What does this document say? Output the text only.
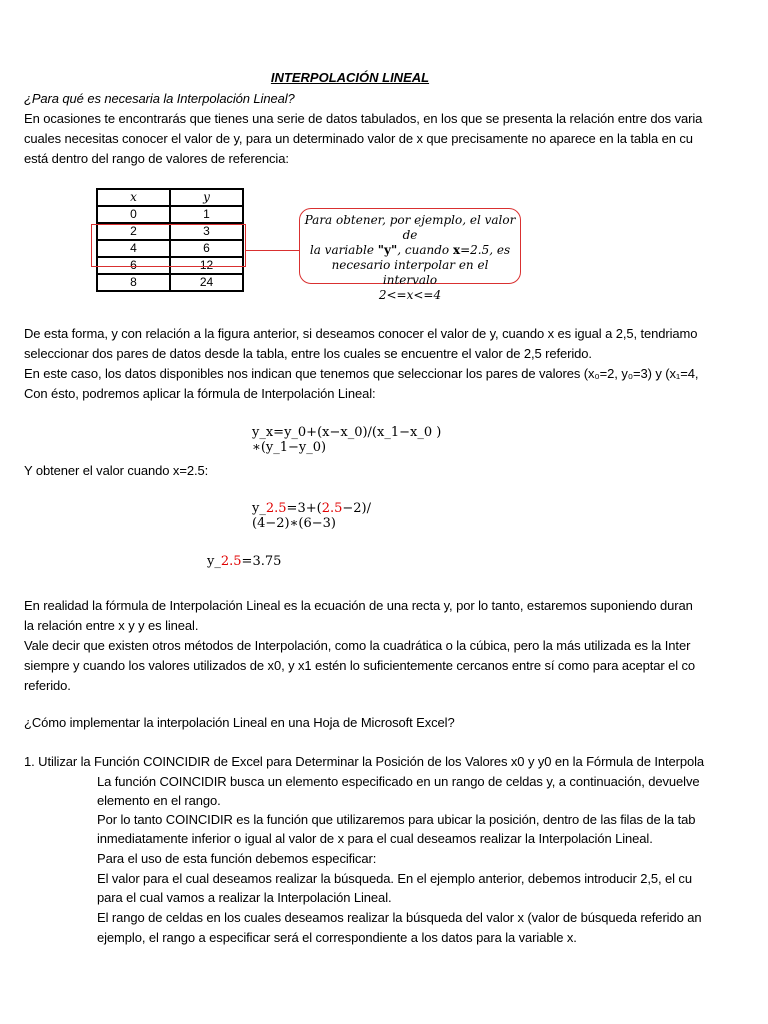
INTERPOLACIÓN LINEAL
¿Para qué es necesaria la Interpolación Lineal?
En ocasiones te encontrarás que tienes una serie de datos tabulados, en los que se presenta la relación entre dos varia
cuales necesitas conocer el valor de y, para un determinado valor de x que precisamente no aparece en la tabla en cu
está dentro del rango de valores de referencia:
x	y
0	1
2	3
4	6
6	12
8	24
Para obtener, por ejemplo, el valor de
la variable "y", cuando x=2.5, es
necesario interpolar en el intervalo
2<=x<=4
De esta forma, y con relación a la figura anterior, si deseamos conocer el valor de y, cuando x es igual a 2,5, tendriamo
seleccionar dos pares de datos desde la tabla, entre los cuales se encuentre el valor de 2,5 referido.
En este caso, los datos disponibles nos indican que tenemos que seleccionar los pares de valores (x₀=2, y₀=3) y (x₁=4,
Con ésto, podremos aplicar la fórmula de Interpolación Lineal:
y_x=y_0+(x−x_0)/(x_1−x_0 )
∗(y_1−y_0)
Y obtener el valor cuando x=2.5:
y_2.5=3+(2.5−2)/
(4−2)∗(6−3)
y_2.5=3.75
En realidad la fórmula de Interpolación Lineal es la ecuación de una recta y, por lo tanto, estaremos suponiendo duran
la relación entre x y y es lineal.
Vale decir que existen otros métodos de Interpolación, como la cuadrática o la cúbica, pero la más utilizada es la Inter
siempre y cuando los valores utilizados de x0, y x1 estén lo suficientemente cercanos entre sí como para aceptar el co
referido.
¿Cómo implementar la interpolación Lineal en una Hoja de Microsoft Excel?
1. Utilizar la Función COINCIDIR de Excel para Determinar la Posición de los Valores x0 y y0 en la Fórmula de Interpola
La función COINCIDIR busca un elemento especificado en un rango de celdas y, a continuación, devuelve
elemento en el rango.
Por lo tanto COINCIDIR es la función que utilizaremos para ubicar la posición, dentro de las filas de la tab
inmediatamente inferior o igual al valor de x para el cual deseamos realizar la Interpolación Lineal.
Para el uso de esta función debemos especificar:
El valor para el cual deseamos realizar la búsqueda. En el ejemplo anterior, debemos introducir 2,5, el cu
para el cual vamos a realizar la Interpolación Lineal.
El rango de celdas en los cuales deseamos realizar la búsqueda del valor x (valor de búsqueda referido an
ejemplo, el rango a especificar será el correspondiente a los datos para la variable x.
